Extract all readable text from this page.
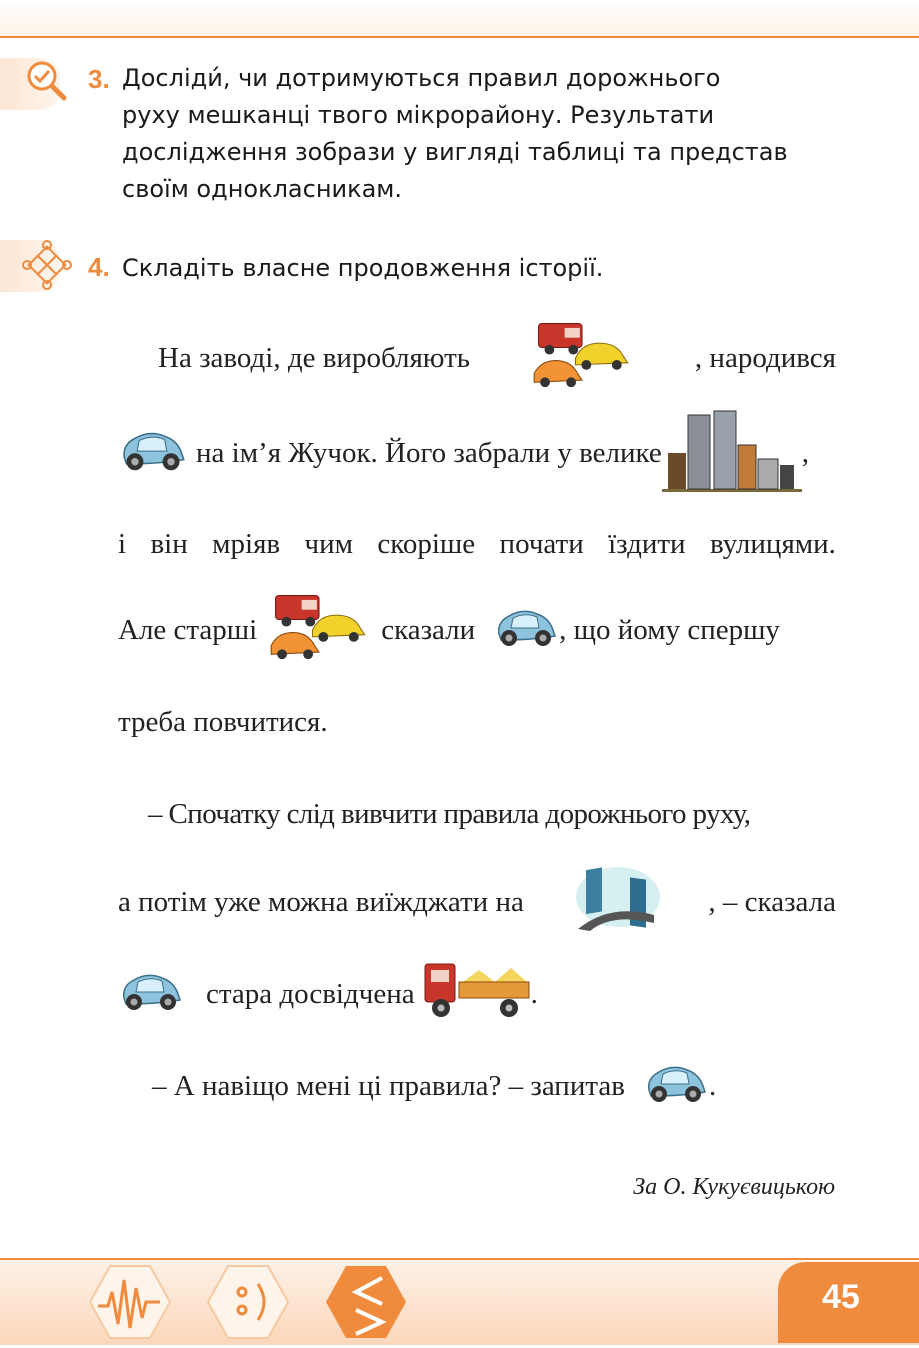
3. Досліди́, чи дотримуються правил дорожнього
руху мешканці твого мікрорайону. Результати
дослідження зобрази у вигляді таблиці та представ
своїм однокласникам.
4. Складіть власне продовження історії.
На заводі, де виробляють	, народився
на ім’я Жучок. Його забрали у велике	,
і він мріяв чим скоріше почати їздити вулицями.
Але старші	сказали	, що йому спершу
треба повчитися.
– Спочатку слід вивчити правила дорожнього руху,
а потім уже можна виїжджати на	, – сказала
стара досвідчена	.
– А навіщо мені ці правила? – запитав	.
За О. Кукуєвицькою
45
